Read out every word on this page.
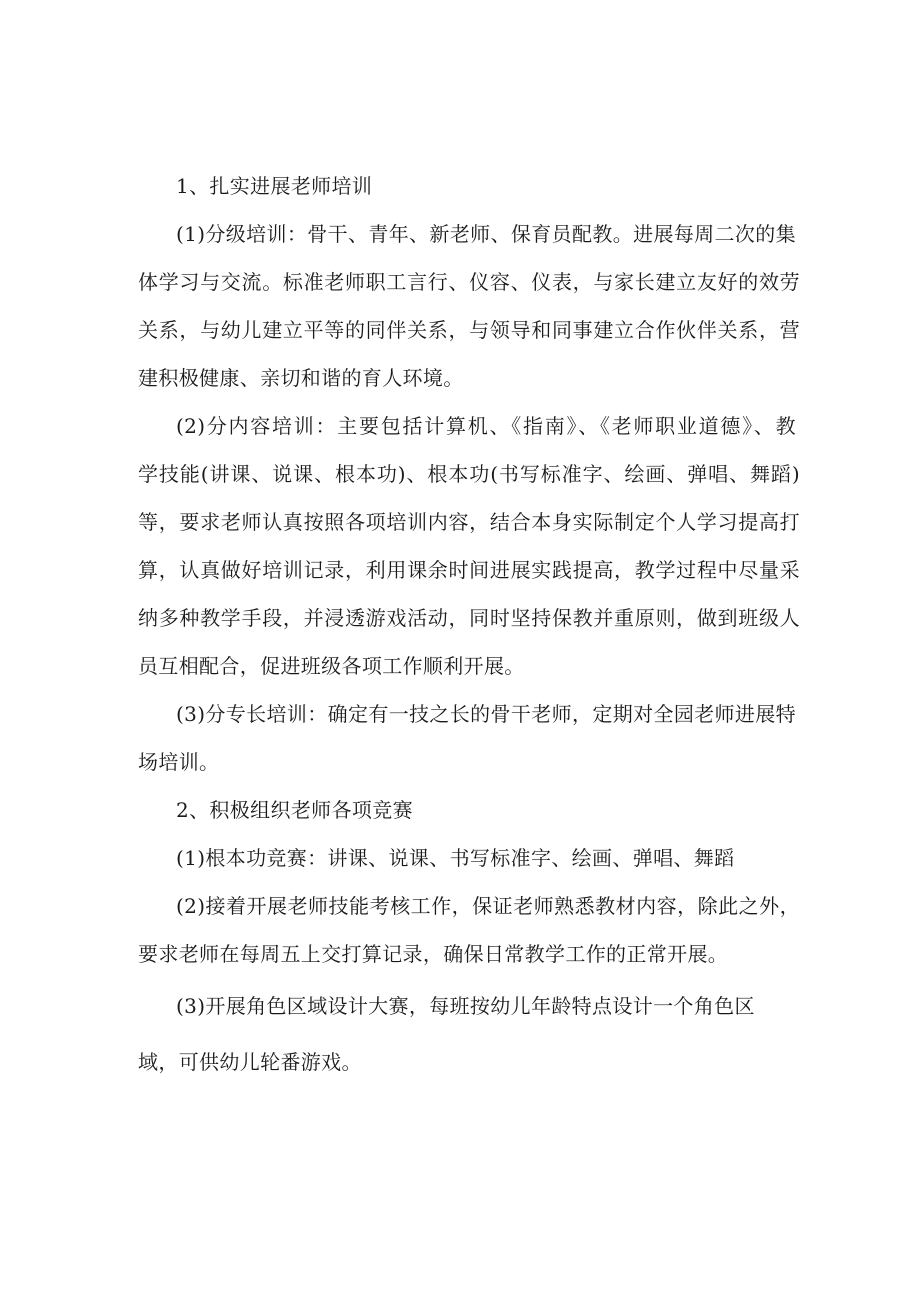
1、扎实进展老师培训
(1)分级培训：骨干、青年、新老师、保育员配教。进展每周二次的集
体学习与交流。标准老师职工言行、仪容、仪表，与家长建立友好的效劳
关系，与幼儿建立平等的同伴关系，与领导和同事建立合作伙伴关系，营
建积极健康、亲切和谐的育人环境。
(2)分内容培训：主要包括计算机、《指南》、《老师职业道德》、教
学技能(讲课、说课、根本功)、根本功(书写标准字、绘画、弹唱、舞蹈)
等，要求老师认真按照各项培训内容，结合本身实际制定个人学习提高打
算，认真做好培训记录，利用课余时间进展实践提高，教学过程中尽量采
纳多种教学手段，并浸透游戏活动，同时坚持保教并重原则，做到班级人
员互相配合，促进班级各项工作顺利开展。
(3)分专长培训：确定有一技之长的骨干老师，定期对全园老师进展特
场培训。
2、积极组织老师各项竞赛
(1)根本功竞赛：讲课、说课、书写标准字、绘画、弹唱、舞蹈
(2)接着开展老师技能考核工作，保证老师熟悉教材内容，除此之外，
要求老师在每周五上交打算记录，确保日常教学工作的正常开展。
(3)开展角色区域设计大赛，每班按幼儿年龄特点设计一个角色区
域，可供幼儿轮番游戏。
